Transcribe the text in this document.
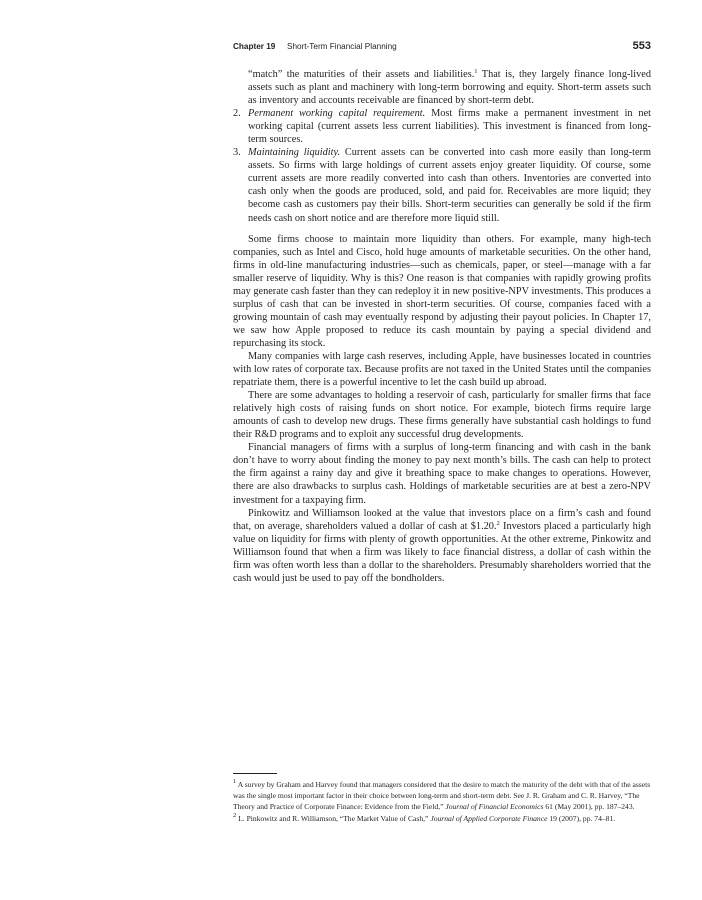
Chapter 19 Short-Term Financial Planning	553
“match” the maturities of their assets and liabilities.$^1$ That is, they largely finance long-lived assets such as plant and machinery with long-term borrowing and equity. Short-term assets such as inventory and accounts receivable are financed by short-term debt.
2. Permanent working capital requirement. Most firms make a permanent investment in net working capital (current assets less current liabilities). This investment is financed from long-term sources.
3. Maintaining liquidity. Current assets can be converted into cash more easily than long-term assets. So firms with large holdings of current assets enjoy greater liquidity. Of course, some current assets are more readily converted into cash than others. Inventories are converted into cash only when the goods are produced, sold, and paid for. Receivables are more liquid; they become cash as customers pay their bills. Short-term securities can generally be sold if the firm needs cash on short notice and are therefore more liquid still.

Some firms choose to maintain more liquidity than others. For example, many high-tech companies, such as Intel and Cisco, hold huge amounts of marketable securities. On the other hand, firms in old-line manufacturing industries—such as chemicals, paper, or steel—manage with a far smaller reserve of liquidity. Why is this? One reason is that companies with rapidly growing profits may generate cash faster than they can redeploy it in new positive-NPV investments. This produces a surplus of cash that can be invested in short-term securities. Of course, companies faced with a growing mountain of cash may eventually respond by adjusting their payout policies. In Chapter 17, we saw how Apple proposed to reduce its cash mountain by paying a special dividend and repurchasing its stock.

Many companies with large cash reserves, including Apple, have businesses located in countries with low rates of corporate tax. Because profits are not taxed in the United States until the companies repatriate them, there is a powerful incentive to let the cash build up abroad.

There are some advantages to holding a reservoir of cash, particularly for smaller firms that face relatively high costs of raising funds on short notice. For example, biotech firms require large amounts of cash to develop new drugs. These firms generally have substantial cash holdings to fund their R&D programs and to exploit any successful drug developments.

Financial managers of firms with a surplus of long-term financing and with cash in the bank don’t have to worry about finding the money to pay next month’s bills. The cash can help to protect the firm against a rainy day and give it breathing space to make changes to operations. However, there are also drawbacks to surplus cash. Holdings of marketable securities are at best a zero-NPV investment for a taxpaying firm.

Pinkowitz and Williamson looked at the value that investors place on a firm’s cash and found that, on average, shareholders valued a dollar of cash at $1.20.$^2$ Investors placed a particularly high value on liquidity for firms with plenty of growth opportunities. At the other extreme, Pinkowitz and Williamson found that when a firm was likely to face financial distress, a dollar of cash within the firm was often worth less than a dollar to the shareholders. Presumably shareholders worried that the cash would just be used to pay off the bondholders.

$^1$ A survey by Graham and Harvey found that managers considered that the desire to match the maturity of the debt with that of the assets was the single most important factor in their choice between long-term and short-term debt. See J. R. Graham and C. R. Harvey, “The Theory and Practice of Corporate Finance: Evidence from the Field,” Journal of Financial Economics 61 (May 2001), pp. 187–243.

$^2$ L. Pinkowitz and R. Williamson, “The Market Value of Cash,” Journal of Applied Corporate Finance 19 (2007), pp. 74–81.
